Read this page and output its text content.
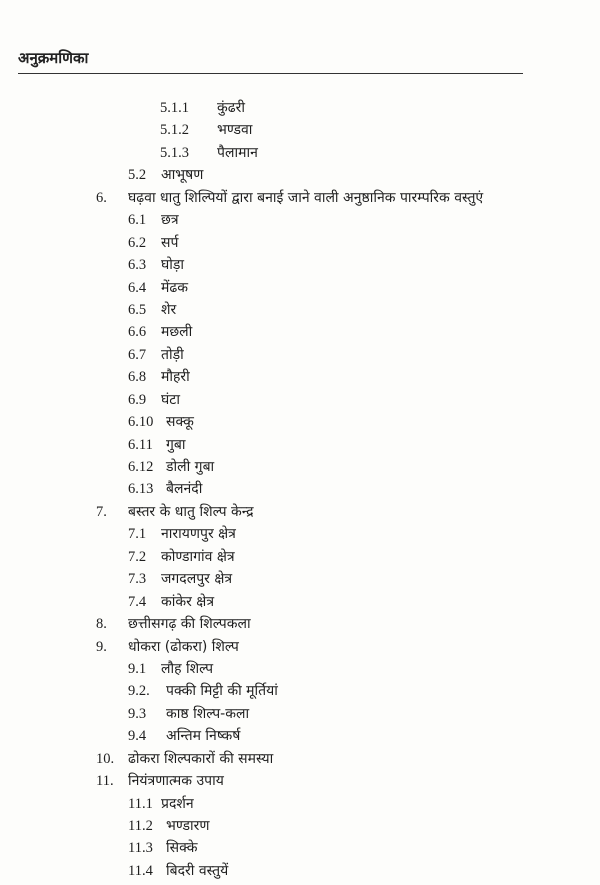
अनुक्रमणिका
5.1.1 कुंढरी
5.1.2 भण्डवा
5.1.3 पैलामान
5.2 आभूषण
6. घढ़वा धातु शिल्पियों द्वारा बनाई जाने वाली अनुष्ठानिक पारम्परिक वस्तुएं
6.1 छत्र
6.2 सर्प
6.3 घोड़ा
6.4 मेंढक
6.5 शेर
6.6 मछली
6.7 तोड़ी
6.8 मौहरी
6.9 घंटा
6.10 सक्कू
6.11 गुबा
6.12 डोली गुबा
6.13 बैलनंदी
7. बस्तर के धातु शिल्प केन्द्र
7.1 नारायणपुर क्षेत्र
7.2 कोण्डागांव क्षेत्र
7.3 जगदलपुर क्षेत्र
7.4 कांकेर क्षेत्र
8. छत्तीसगढ़ की शिल्पकला
9. धोकरा (ढोकरा) शिल्प
9.1 लौह शिल्प
9.2. पक्की मिट्टी की मूर्तियां
9.3 काष्ठ शिल्प-कला
9.4 अन्तिम निष्कर्ष
10. ढोकरा शिल्पकारों की समस्या
11. नियंत्रणात्मक उपाय
11.1 प्रदर्शन
11.2 भण्डारण
11.3 सिक्के
11.4 बिदरी वस्तुयें
